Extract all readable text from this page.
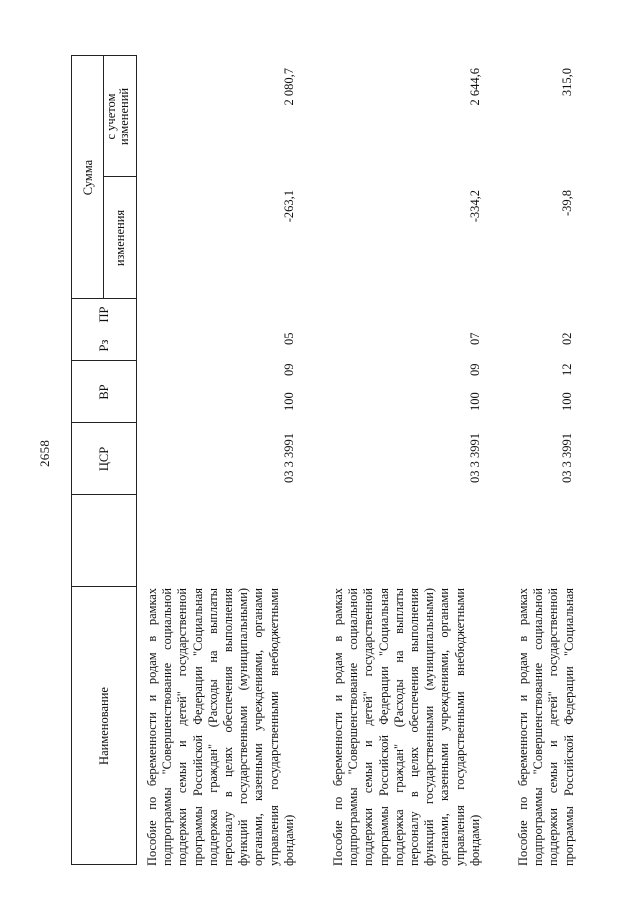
2658
Наименование
ЦСР
ВР
Рз
ПР
Сумма
изменения
с учетом изменений
Пособие по беременности и родам в рамках подпрограммы "Совершенствование социальной поддержки семьи и детей" государственной программы Российской Федерации "Социальная поддержка граждан" (Расходы на выплаты персоналу в целях обеспечения выполнения функций государственными (муниципальными) органами, казенными учреждениями, органами управления государственными внебюджетными фондами)
03 3 3991
100
09
05
-263,1
2 080,7
Пособие по беременности и родам в рамках подпрограммы "Совершенствование социальной поддержки семьи и детей" государственной программы Российской Федерации "Социальная поддержка граждан" (Расходы на выплаты персоналу в целях обеспечения выполнения функций государственными (муниципальными) органами, казенными учреждениями, органами управления государственными внебюджетными фондами)
03 3 3991
100
09
07
-334,2
2 644,6
Пособие по беременности и родам в рамках подпрограммы "Совершенствование социальной поддержки семьи и детей" государственной программы Российской Федерации "Социальная
03 3 3991
100
12
02
-39,8
315,0
